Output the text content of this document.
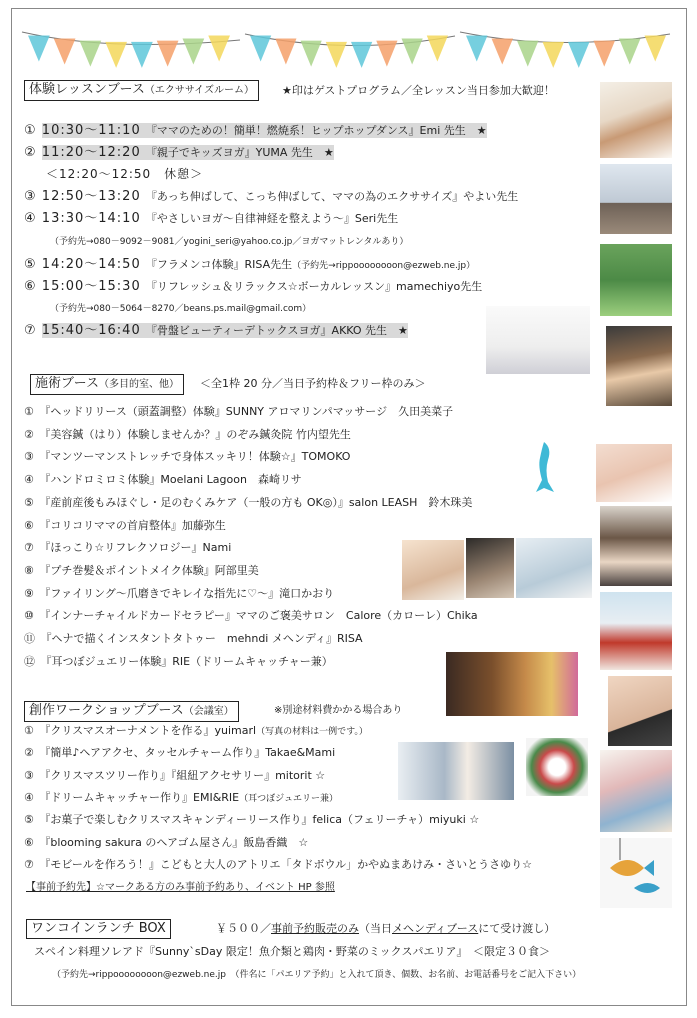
体験レッスンブース（エクササイズルーム）	★印はゲストプログラム／全レッスン当日参加大歓迎！
① 10:30～11:10 『ママのための！簡単！燃焼系！ヒップホップダンス』Emi 先生　★
② 11:20～12:20 『親子でキッズヨガ』YUMA 先生　★
＜12:20～12:50　休憩＞
③ 12:50～13:20 『あっち伸ばして、こっち伸ばして、ママの為のエクササイズ』やよい先生
④ 13:30～14:10 『やさしいヨガ～自律神経を整えよう～』Seri先生
（予約先→080－9092－9081／yogini_seri@yahoo.co.jp／ヨガマットレンタルあり）
⑤ 14:20～14:50 『フラメンコ体験』RISA先生（予約先→rippoooooooon@ezweb.ne.jp）
⑥ 15:00～15:30 『リフレッシュ＆リラックス☆ボーカルレッスン』mamechiyo先生
（予約先→080－5064－8270／beans.ps.mail@gmail.com）
⑦ 15:40～16:40 『骨盤ビューティーデトックスヨガ』AKKO 先生　★
施術ブース（多目的室、他）	＜全1枠 20 分／当日予約枠＆フリー枠のみ＞
①　『ヘッドリリース（頭蓋調整）体験』SUNNY アロマリンパマッサージ　久田美菜子
②　『美容鍼（はり）体験しませんか？』のぞみ鍼灸院 竹内望先生
③　『マンツーマンストレッチで身体スッキリ！体験☆』TOMOKO
④　『ハンドロミロミ体験』Moelani Lagoon　森崎リサ
⑤　『産前産後もみほぐし・足のむくみケア（一般の方も OK◎）』salon LEASH　鈴木珠美
⑥　『コリコリママの首肩整体』加藤弥生
⑦　『ほっこり☆リフレクソロジー』Nami
⑧　『プチ巻髪＆ポイントメイク体験』阿部里美
⑨　『ファイリング～爪磨きでキレイな指先に♡～』滝口かおり
⑩　『インナーチャイルドカードセラピー』ママのご褒美サロン　Calore（カローレ）Chika
⑪　『ヘナで描くインスタントタトゥー　mehndi メヘンディ』RISA
⑫　『耳つぼジュエリー体験』RIE（ドリームキャッチャー兼）
創作ワークショップブース（会議室）	※別途材料費かかる場合あり
①　『クリスマスオーナメントを作る』yuimarl（写真の材料は一例です。）
②　『簡単♪ヘアアクセ、タッセルチャーム作り』Takae&Mami
③　『クリスマスツリー作り』『組紐アクセサリー』mitorit ☆
④　『ドリームキャッチャー作り』EMI&RIE（耳つぼジュエリー兼）
⑤　『お菓子で楽しむクリスマスキャンディーリース作り』felica（フェリーチャ）miyuki ☆
⑥　『blooming sakura のヘアゴム屋さん』飯島香織　☆
⑦　『モビールを作ろう！』こどもと大人のアトリエ「タドボウル」かやぬまあけみ・さいとうさゆり☆
【事前予約先】☆マークある方のみ事前予約あり、イベント HP 参照
ワンコインランチ BOX	￥５００／事前予約販売のみ（当日メヘンディブースにて受け渡し）
スペイン料理ソレアド『Sunny`sDay 限定！魚介類と鶏肉・野菜のミックスパエリア』　＜限定３０食＞
（予約先→rippoooooooon@ezweb.ne.jp　（件名に「パエリア予約」と入れて頂き、個数、お名前、お電話番号をご記入下さい）
